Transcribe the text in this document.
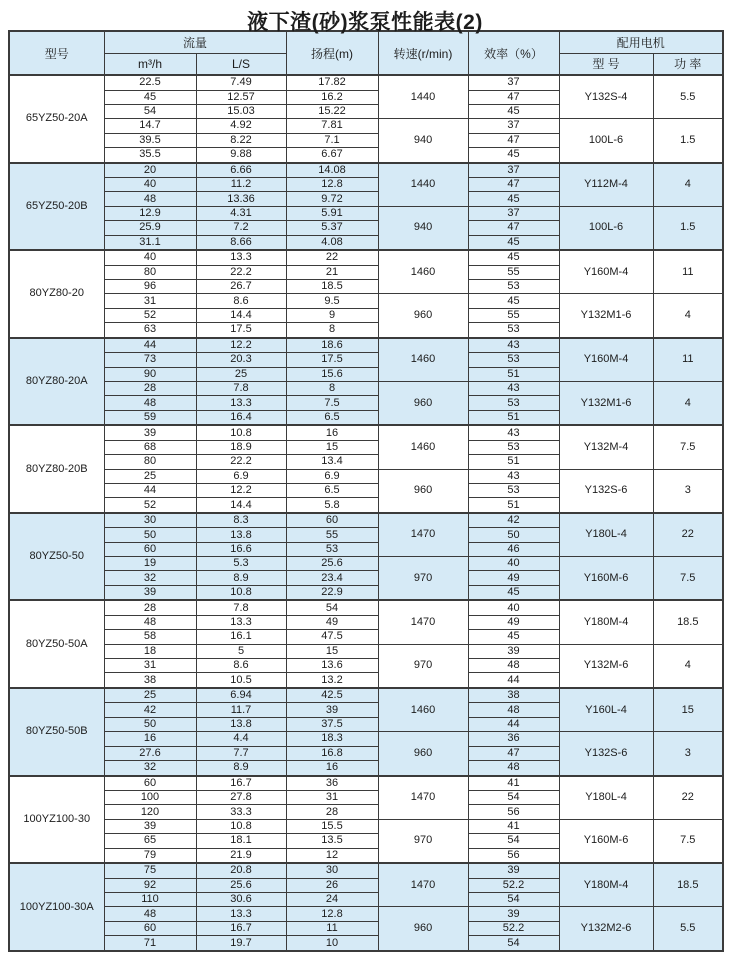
液下渣(砂)浆泵性能表(2)
型号	流量		扬程(m)	转速(r/min)	效率（%）	配用电机	
	m³/h	L/S				型 号	功 率
65YZ50-20A	22.5	7.49	17.82	1440	37	Y132S-4	5.5
	45	12.57	16.2		47		
	54	15.03	15.22		45		
	14.7	4.92	7.81	940	37	100L-6	1.5
	39.5	8.22	7.1		47		
	35.5	9.88	6.67		45		
65YZ50-20B	20	6.66	14.08	1440	37	Y112M-4	4
	40	11.2	12.8		47		
	48	13.36	9.72		45		
	12.9	4.31	5.91	940	37	100L-6	1.5
	25.9	7.2	5.37		47		
	31.1	8.66	4.08		45		
80YZ80-20	40	13.3	22	1460	45	Y160M-4	11
	80	22.2	21		55		
	96	26.7	18.5		53		
	31	8.6	9.5	960	45	Y132M1-6	4
	52	14.4	9		55		
	63	17.5	8		53		
80YZ80-20A	44	12.2	18.6	1460	43	Y160M-4	11
	73	20.3	17.5		53		
	90	25	15.6		51		
	28	7.8	8	960	43	Y132M1-6	4
	48	13.3	7.5		53		
	59	16.4	6.5		51		
80YZ80-20B	39	10.8	16	1460	43	Y132M-4	7.5
	68	18.9	15		53		
	80	22.2	13.4		51		
	25	6.9	6.9	960	43	Y132S-6	3
	44	12.2	6.5		53		
	52	14.4	5.8		51		
80YZ50-50	30	8.3	60	1470	42	Y180L-4	22
	50	13.8	55		50		
	60	16.6	53		46		
	19	5.3	25.6	970	40	Y160M-6	7.5
	32	8.9	23.4		49		
	39	10.8	22.9		45		
80YZ50-50A	28	7.8	54	1470	40	Y180M-4	18.5
	48	13.3	49		49		
	58	16.1	47.5		45		
	18	5	15	970	39	Y132M-6	4
	31	8.6	13.6		48		
	38	10.5	13.2		44		
80YZ50-50B	25	6.94	42.5	1460	38	Y160L-4	15
	42	11.7	39		48		
	50	13.8	37.5		44		
	16	4.4	18.3	960	36	Y132S-6	3
	27.6	7.7	16.8		47		
	32	8.9	16		48		
100YZ100-30	60	16.7	36	1470	41	Y180L-4	22
	100	27.8	31		54		
	120	33.3	28		56		
	39	10.8	15.5	970	41	Y160M-6	7.5
	65	18.1	13.5		54		
	79	21.9	12		56		
100YZ100-30A	75	20.8	30	1470	39	Y180M-4	18.5
	92	25.6	26		52.2		
	110	30.6	24		54		
	48	13.3	12.8	960	39	Y132M2-6	5.5
	60	16.7	11		52.2		
	71	19.7	10		54		
